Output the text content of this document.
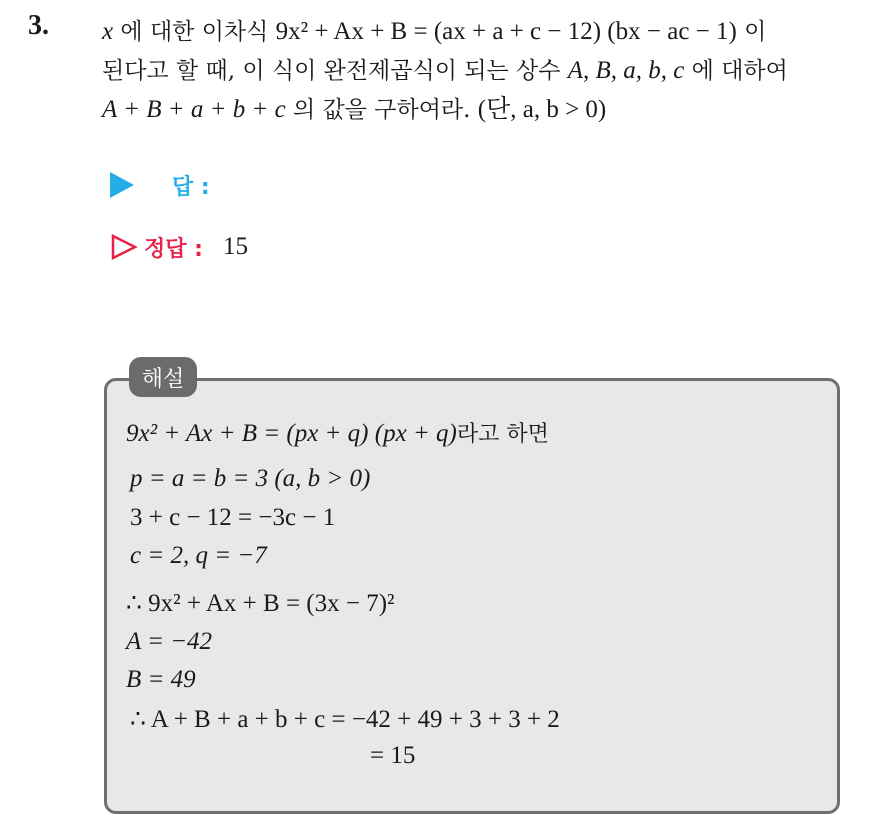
3. x 에 대한 이차식 9x² + Ax + B = (ax + a + c − 12) (bx − ac − 1) 이
된다고 할 때, 이 식이 완전제곱식이 되는 상수 A, B, a, b, c 에 대하여
A + B + a + b + c 의 값을 구하여라. (단, a, b > 0)
답 :
정답 : 15
해설
9x² + Ax + B = (px + q) (px + q)라고 하면
p = a = b = 3 (a, b > 0)
3 + c − 12 = −3c − 1
c = 2, q = −7
∴ 9x² + Ax + B = (3x − 7)²
A = −42
B = 49
∴ A + B + a + b + c = −42 + 49 + 3 + 3 + 2
= 15
